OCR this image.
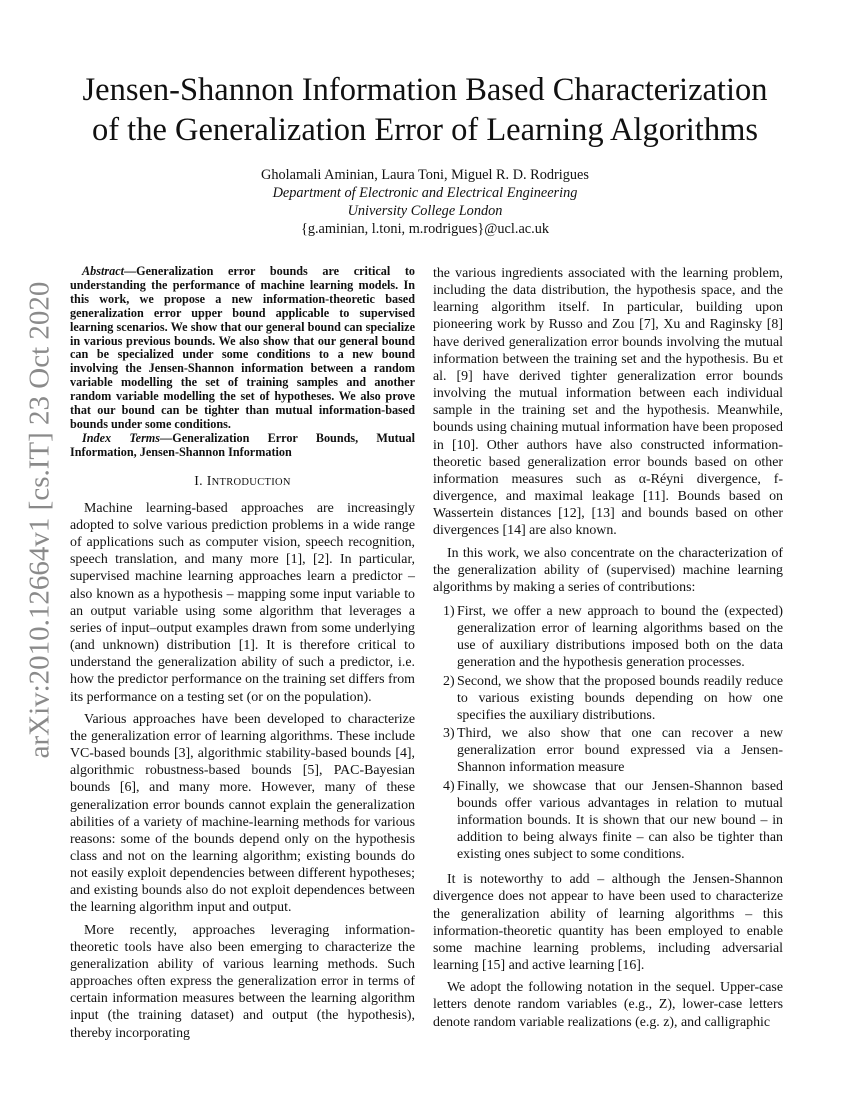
arXiv:2010.12664v1 [cs.IT] 23 Oct 2020
Jensen-Shannon Information Based Characterization
of the Generalization Error of Learning Algorithms
Gholamali Aminian, Laura Toni, Miguel R. D. Rodrigues
Department of Electronic and Electrical Engineering
University College London
{g.aminian, l.toni, m.rodrigues}@ucl.ac.uk

Abstract—Generalization error bounds are critical to understanding the performance of machine learning models. In this work, we propose a new information-theoretic based generalization error upper bound applicable to supervised learning scenarios. We show that our general bound can specialize in various previous bounds. We also show that our general bound can be specialized under some conditions to a new bound involving the Jensen-Shannon information between a random variable modelling the set of training samples and another random variable modelling the set of hypotheses. We also prove that our bound can be tighter than mutual information-based bounds under some conditions.

Index Terms—Generalization Error Bounds, Mutual Information, Jensen-Shannon Information

I. INTRODUCTION

Machine learning-based approaches are increasingly adopted to solve various prediction problems in a wide range of applications such as computer vision, speech recognition, speech translation, and many more [1], [2]. In particular, supervised machine learning approaches learn a predictor – also known as a hypothesis – mapping some input variable to an output variable using some algorithm that leverages a series of input–output examples drawn from some underlying (and unknown) distribution [1]. It is therefore critical to understand the generalization ability of such a predictor, i.e. how the predictor performance on the training set differs from its performance on a testing set (or on the population).

Various approaches have been developed to characterize the generalization error of learning algorithms. These include VC-based bounds [3], algorithmic stability-based bounds [4], algorithmic robustness-based bounds [5], PAC-Bayesian bounds [6], and many more. However, many of these generalization error bounds cannot explain the generalization abilities of a variety of machine-learning methods for various reasons: some of the bounds depend only on the hypothesis class and not on the learning algorithm; existing bounds do not easily exploit dependencies between different hypotheses; and existing bounds also do not exploit dependences between the learning algorithm input and output.

More recently, approaches leveraging information-theoretic tools have also been emerging to characterize the generalization ability of various learning methods. Such approaches often express the generalization error in terms of certain information measures between the learning algorithm input (the training dataset) and output (the hypothesis), thereby incorporating

the various ingredients associated with the learning problem, including the data distribution, the hypothesis space, and the learning algorithm itself. In particular, building upon pioneering work by Russo and Zou [7], Xu and Raginsky [8] have derived generalization error bounds involving the mutual information between the training set and the hypothesis. Bu et al. [9] have derived tighter generalization error bounds involving the mutual information between each individual sample in the training set and the hypothesis. Meanwhile, bounds using chaining mutual information have been proposed in [10]. Other authors have also constructed information-theoretic based generalization error bounds based on other information measures such as α-Réyni divergence, f-divergence, and maximal leakage [11]. Bounds based on Wassertein distances [12], [13] and bounds based on other divergences [14] are also known.

In this work, we also concentrate on the characterization of the generalization ability of (supervised) machine learning algorithms by making a series of contributions:

1) First, we offer a new approach to bound the (expected) generalization error of learning algorithms based on the use of auxiliary distributions imposed both on the data generation and the hypothesis generation processes.
2) Second, we show that the proposed bounds readily reduce to various existing bounds depending on how one specifies the auxiliary distributions.
3) Third, we also show that one can recover a new generalization error bound expressed via a Jensen-Shannon information measure
4) Finally, we showcase that our Jensen-Shannon based bounds offer various advantages in relation to mutual information bounds. It is shown that our new bound – in addition to being always finite – can also be tighter than existing ones subject to some conditions.

It is noteworthy to add – although the Jensen-Shannon divergence does not appear to have been used to characterize the generalization ability of learning algorithms – this information-theoretic quantity has been employed to enable some machine learning problems, including adversarial learning [15] and active learning [16].

We adopt the following notation in the sequel. Upper-case letters denote random variables (e.g., Z), lower-case letters denote random variable realizations (e.g. z), and calligraphic
